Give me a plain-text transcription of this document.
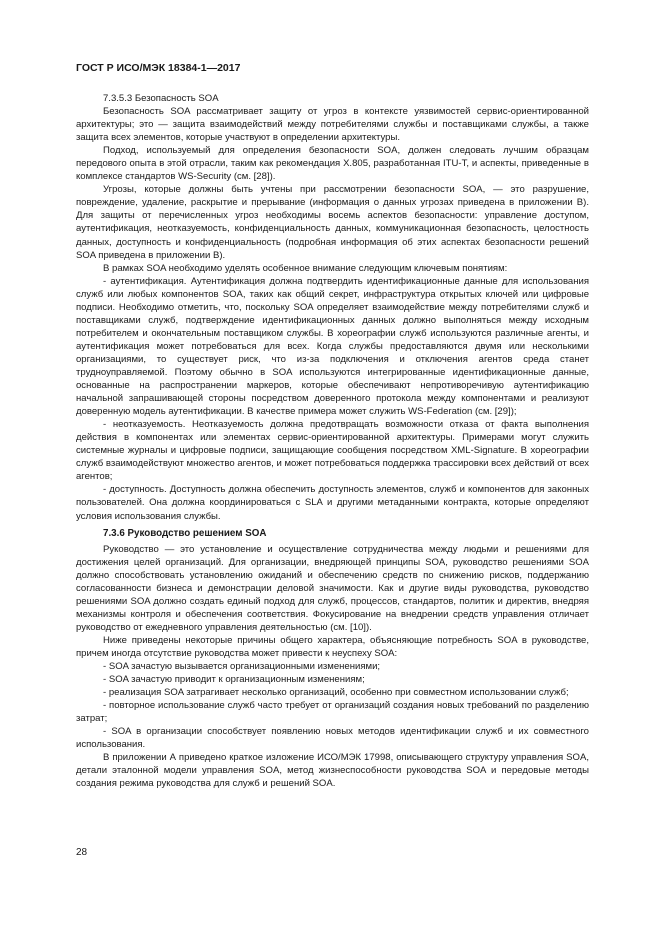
ГОСТ Р ИСО/МЭК 18384-1—2017
7.3.5.3 Безопасность SOA

Безопасность SOA рассматривает защиту от угроз в контексте уязвимостей сервис-ориентированной архитектуры; это — защита взаимодействий между потребителями службы и поставщиками службы, а также защита всех элементов, которые участвуют в определении архитектуры.

Подход, используемый для определения безопасности SOA, должен следовать лучшим образцам передового опыта в этой отрасли, таким как рекомендация X.805, разработанная ITU-T, и аспекты, приведенные в комплексе стандартов WS-Security (см. [28]).

Угрозы, которые должны быть учтены при рассмотрении безопасности SOA, — это разрушение, повреждение, удаление, раскрытие и прерывание (информация о данных угрозах приведена в приложении В). Для защиты от перечисленных угроз необходимы восемь аспектов безопасности: управление доступом, аутентификация, неотказуемость, конфиденциальность данных, коммуникационная безопасность, целостность данных, доступность и конфиденциальность (подробная информация об этих аспектах безопасности решений SOA приведена в приложении В).

В рамках SOA необходимо уделять особенное внимание следующим ключевым понятиям:

- аутентификация. Аутентификация должна подтвердить идентификационные данные для использования служб или любых компонентов SOA, таких как общий секрет, инфраструктура открытых ключей или цифровые подписи. Необходимо отметить, что, поскольку SOA определяет взаимодействие между потребителями служб и поставщиками служб, подтверждение идентификационных данных должно выполняться между исходным потребителем и окончательным поставщиком службы. В хореографии служб используются различные агенты, и аутентификация может потребоваться для всех. Когда службы предоставляются двумя или несколькими организациями, то существует риск, что из-за подключения и отключения агентов среда станет трудноуправляемой. Поэтому обычно в SOA используются интегрированные идентификационные данные, основанные на распространении маркеров, которые обеспечивают непротиворечивую аутентификацию начальной запрашивающей стороны посредством доверенного протокола между компонентами и реализуют доверенную модель аутентификации. В качестве примера может служить WS-Federation (см. [29]);

- неотказуемость. Неотказуемость должна предотвращать возможности отказа от факта выполнения действия в компонентах или элементах сервис-ориентированной архитектуры. Примерами могут служить системные журналы и цифровые подписи, защищающие сообщения посредством XML-Signature. В хореографии служб взаимодействуют множество агентов, и может потребоваться поддержка трассировки всех действий от всех агентов;

- доступность. Доступность должна обеспечить доступность элементов, служб и компонентов для законных пользователей. Она должна координироваться с SLA и другими метаданными контракта, которые определяют условия использования службы.

7.3.6 Руководство решением SOA

Руководство — это установление и осуществление сотрудничества между людьми и решениями для достижения целей организаций. Для организации, внедряющей принципы SOA, руководство решениями SOA должно способствовать установлению ожиданий и обеспечению средств по снижению рисков, поддержанию согласованности бизнеса и демонстрации деловой значимости. Как и другие виды руководства, руководство решениями SOA должно создать единый подход для служб, процессов, стандартов, политик и директив, внедряя механизмы контроля и обеспечения соответствия. Фокусирование на внедрении средств управления отличает руководство от ежедневного управления деятельностью (см. [10]).

Ниже приведены некоторые причины общего характера, объясняющие потребность SOA в руководстве, причем иногда отсутствие руководства может привести к неуспеху SOA:

- SOA зачастую вызывается организационными изменениями;

- SOA зачастую приводит к организационным изменениям;

- реализация SOA затрагивает несколько организаций, особенно при совместном использовании служб;

- повторное использование служб часто требует от организаций создания новых требований по разделению затрат;

- SOA в организации способствует появлению новых методов идентификации служб и их совместного использования.

В приложении А приведено краткое изложение ИСО/МЭК 17998, описывающего структуру управления SOA, детали эталонной модели управления SOA, метод жизнеспособности руководства SOA и передовые методы создания режима руководства для служб и решений SOA.

28
